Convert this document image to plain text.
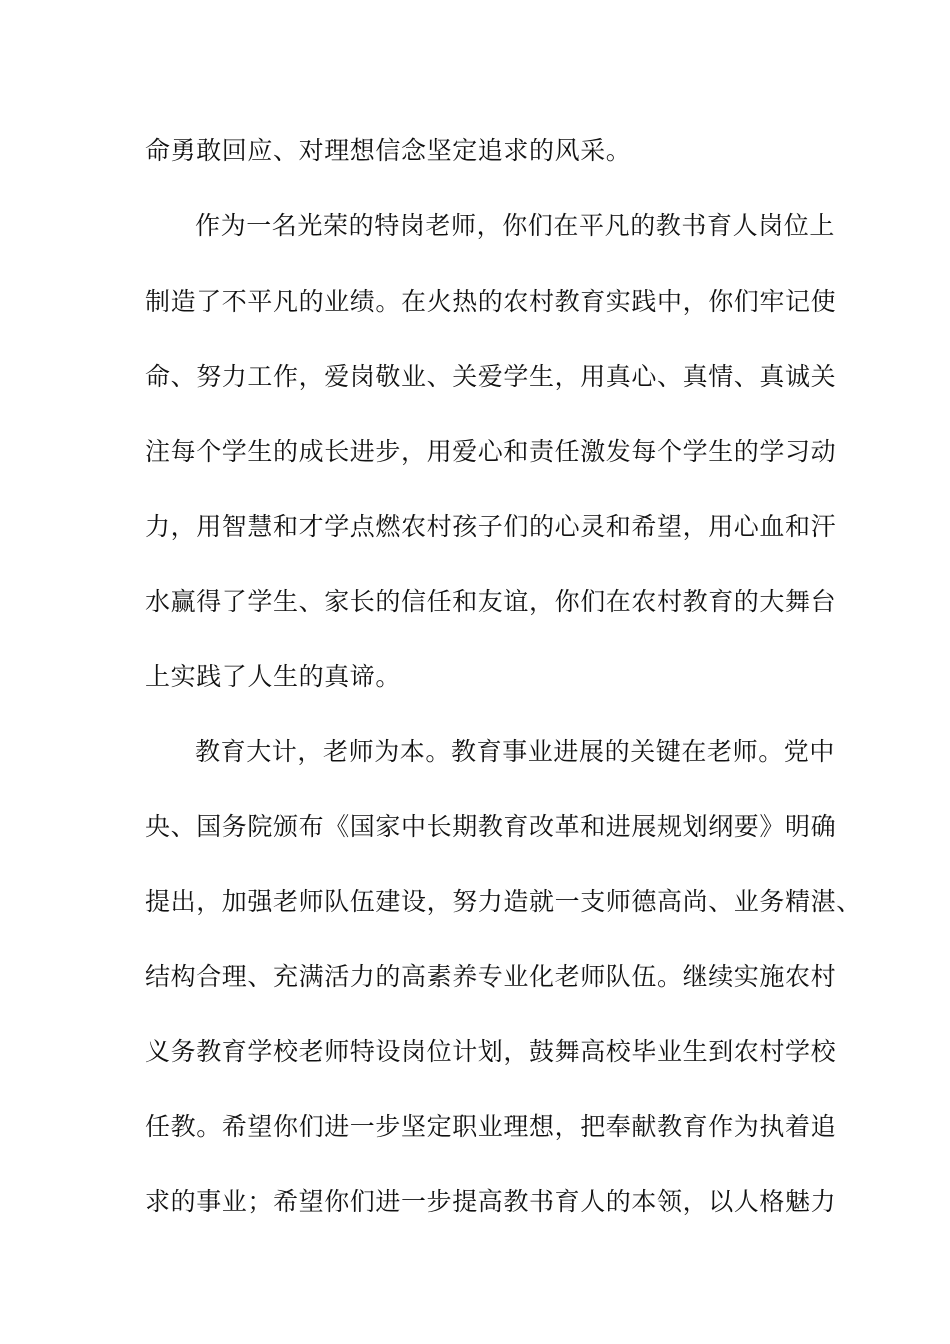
命勇敢回应、对理想信念坚定追求的风采。
作为一名光荣的特岗老师，你们在平凡的教书育人岗位上
制造了不平凡的业绩。在火热的农村教育实践中，你们牢记使
命、努力工作，爱岗敬业、关爱学生，用真心、真情、真诚关
注每个学生的成长进步，用爱心和责任激发每个学生的学习动
力，用智慧和才学点燃农村孩子们的心灵和希望，用心血和汗
水赢得了学生、家长的信任和友谊，你们在农村教育的大舞台
上实践了人生的真谛。
教育大计，老师为本。教育事业进展的关键在老师。党中
央、国务院颁布《国家中长期教育改革和进展规划纲要》明确
提出，加强老师队伍建设，努力造就一支师德高尚、业务精湛、
结构合理、充满活力的高素养专业化老师队伍。继续实施农村
义务教育学校老师特设岗位计划，鼓舞高校毕业生到农村学校
任教。希望你们进一步坚定职业理想，把奉献教育作为执着追
求的事业；希望你们进一步提高教书育人的本领，以人格魅力
